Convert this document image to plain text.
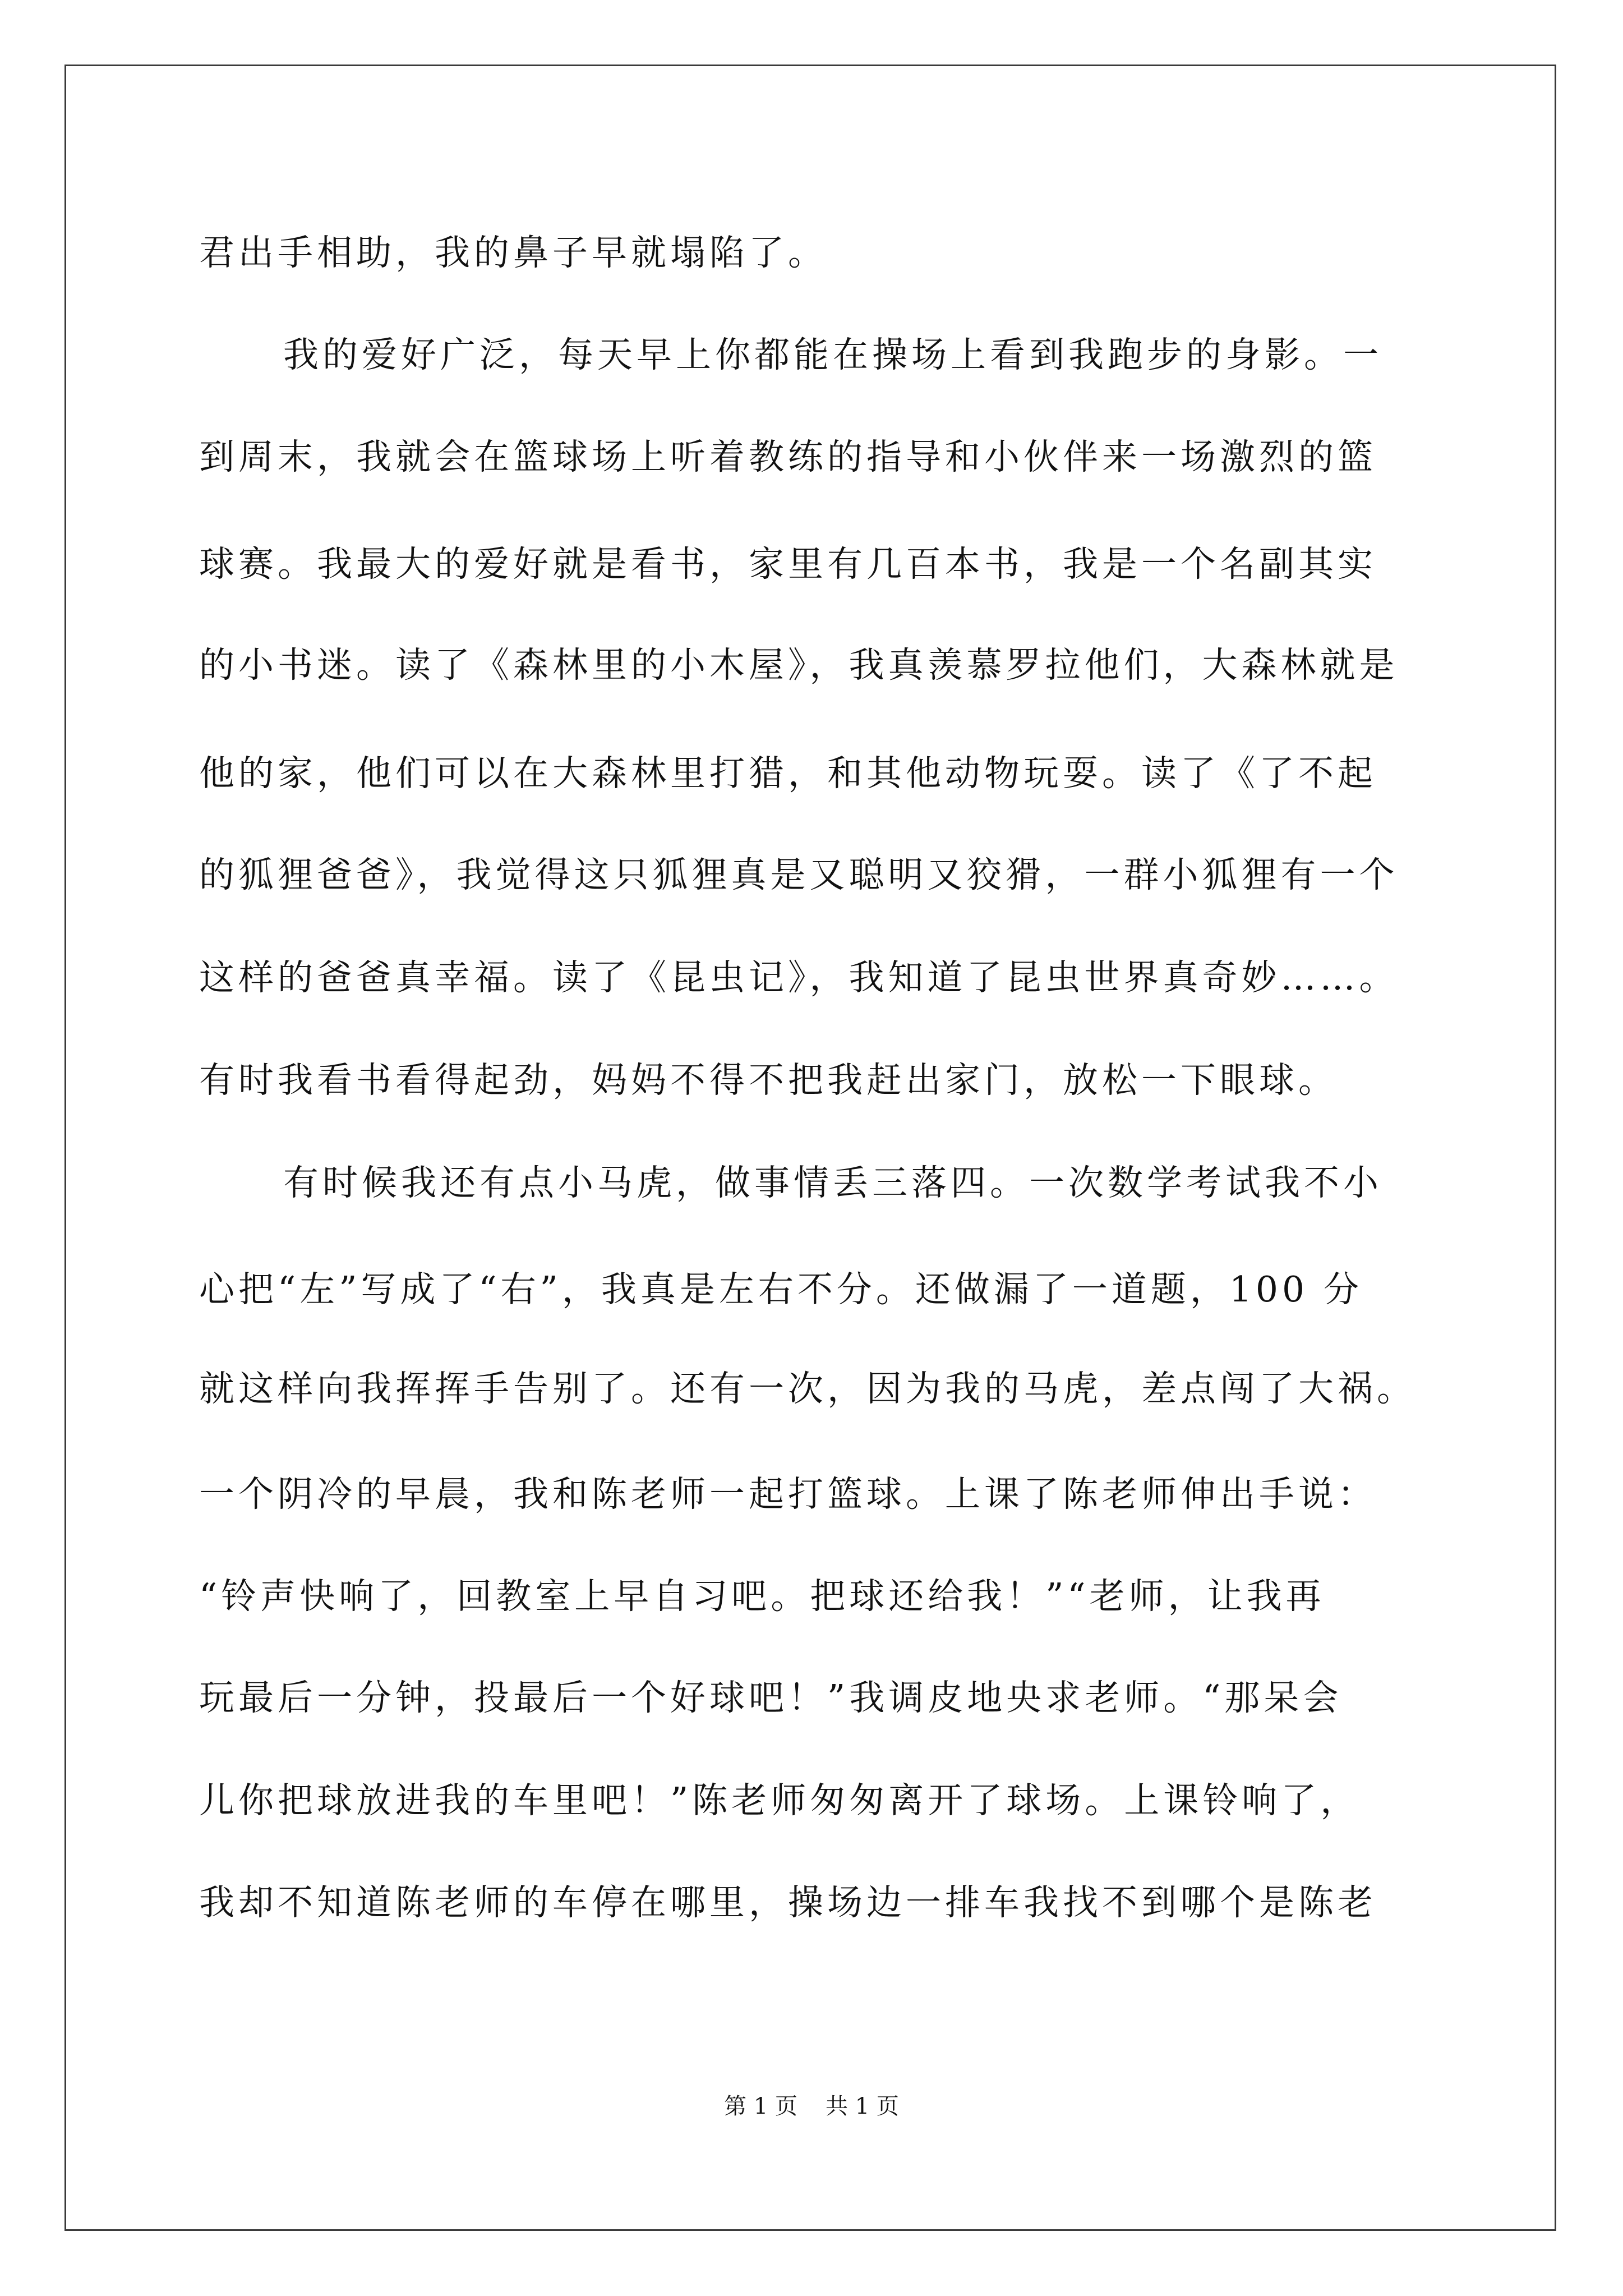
君出手相助，我的鼻子早就塌陷了。
我的爱好广泛，每天早上你都能在操场上看到我跑步的身影。一
到周末，我就会在篮球场上听着教练的指导和小伙伴来一场激烈的篮
球赛。我最大的爱好就是看书，家里有几百本书，我是一个名副其实
的小书迷。读了《森林里的小木屋》，我真羡慕罗拉他们，大森林就是
他的家，他们可以在大森林里打猎，和其他动物玩耍。读了《了不起
的狐狸爸爸》，我觉得这只狐狸真是又聪明又狡猾，一群小狐狸有一个
这样的爸爸真幸福。读了《昆虫记》，我知道了昆虫世界真奇妙……。
有时我看书看得起劲，妈妈不得不把我赶出家门，放松一下眼球。
有时候我还有点小马虎，做事情丢三落四。一次数学考试我不小
心把“左”写成了“右”，我真是左右不分。还做漏了一道题，100 分
就这样向我挥挥手告别了。还有一次，因为我的马虎，差点闯了大祸。
一个阴冷的早晨，我和陈老师一起打篮球。上课了陈老师伸出手说：
“铃声快响了，回教室上早自习吧。把球还给我！”“老师，让我再
玩最后一分钟，投最后一个好球吧！”我调皮地央求老师。“那呆会
儿你把球放进我的车里吧！”陈老师匆匆离开了球场。上课铃响了，
我却不知道陈老师的车停在哪里，操场边一排车我找不到哪个是陈老
第 1 页 共 1 页
